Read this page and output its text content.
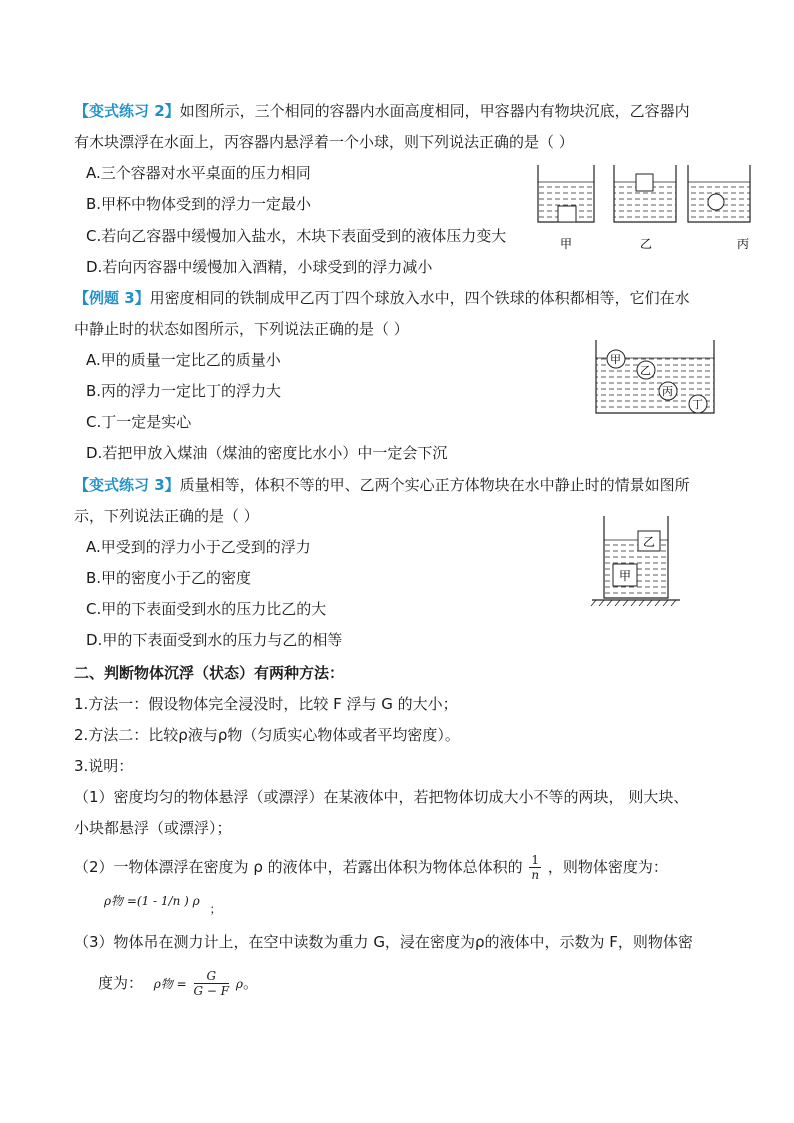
【变式练习 2】如图所示，三个相同的容器内水面高度相同，甲容器内有物块沉底，乙容器内
有木块漂浮在水面上，丙容器内悬浮着一个小球，则下列说法正确的是（ ）
A.三个容器对水平桌面的压力相同
B.甲杯中物体受到的浮力一定最小
C.若向乙容器中缓慢加入盐水，木块下表面受到的液体压力变大
D.若向丙容器中缓慢加入酒精，小球受到的浮力减小
甲	乙	丙
【例题 3】用密度相同的铁制成甲乙丙丁四个球放入水中，四个铁球的体积都相等，它们在水
中静止时的状态如图所示，下列说法正确的是（ ）
A.甲的质量一定比乙的质量小
B.丙的浮力一定比丁的浮力大
C.丁一定是实心
D.若把甲放入煤油（煤油的密度比水小）中一定会下沉
甲
乙
丙
丁
【变式练习 3】质量相等，体积不等的甲、乙两个实心正方体物块在水中静止时的情景如图所
示，下列说法正确的是（ ）
A.甲受到的浮力小于乙受到的浮力
B.甲的密度小于乙的密度
C.甲的下表面受到水的压力比乙的大
D.甲的下表面受到水的压力与乙的相等
乙
甲
二、判断物体沉浮（状态）有两种方法：
1.方法一：假设物体完全浸没时，比较 F 浮与 G 的大小；
2.方法二：比较ρ液与ρ物（匀质实心物体或者平均密度）。
3.说明：
（1）密度均匀的物体悬浮（或漂浮）在某液体中，若把物体切成大小不等的两块， 则大块、
小块都悬浮（或漂浮）；
（2）一物体漂浮在密度为 ρ 的液体中，若露出体积为物体总体积的 $\frac{1}{n}$ ，则物体密度为：
ρ物 =(1 - 1/n ) ρ ；
（3）物体吊在测力计上，在空中读数为重力 G，浸在密度为ρ的液体中，示数为 F，则物体密
度为： ρ物 = $\frac{G}{G - F}$ ρ。
